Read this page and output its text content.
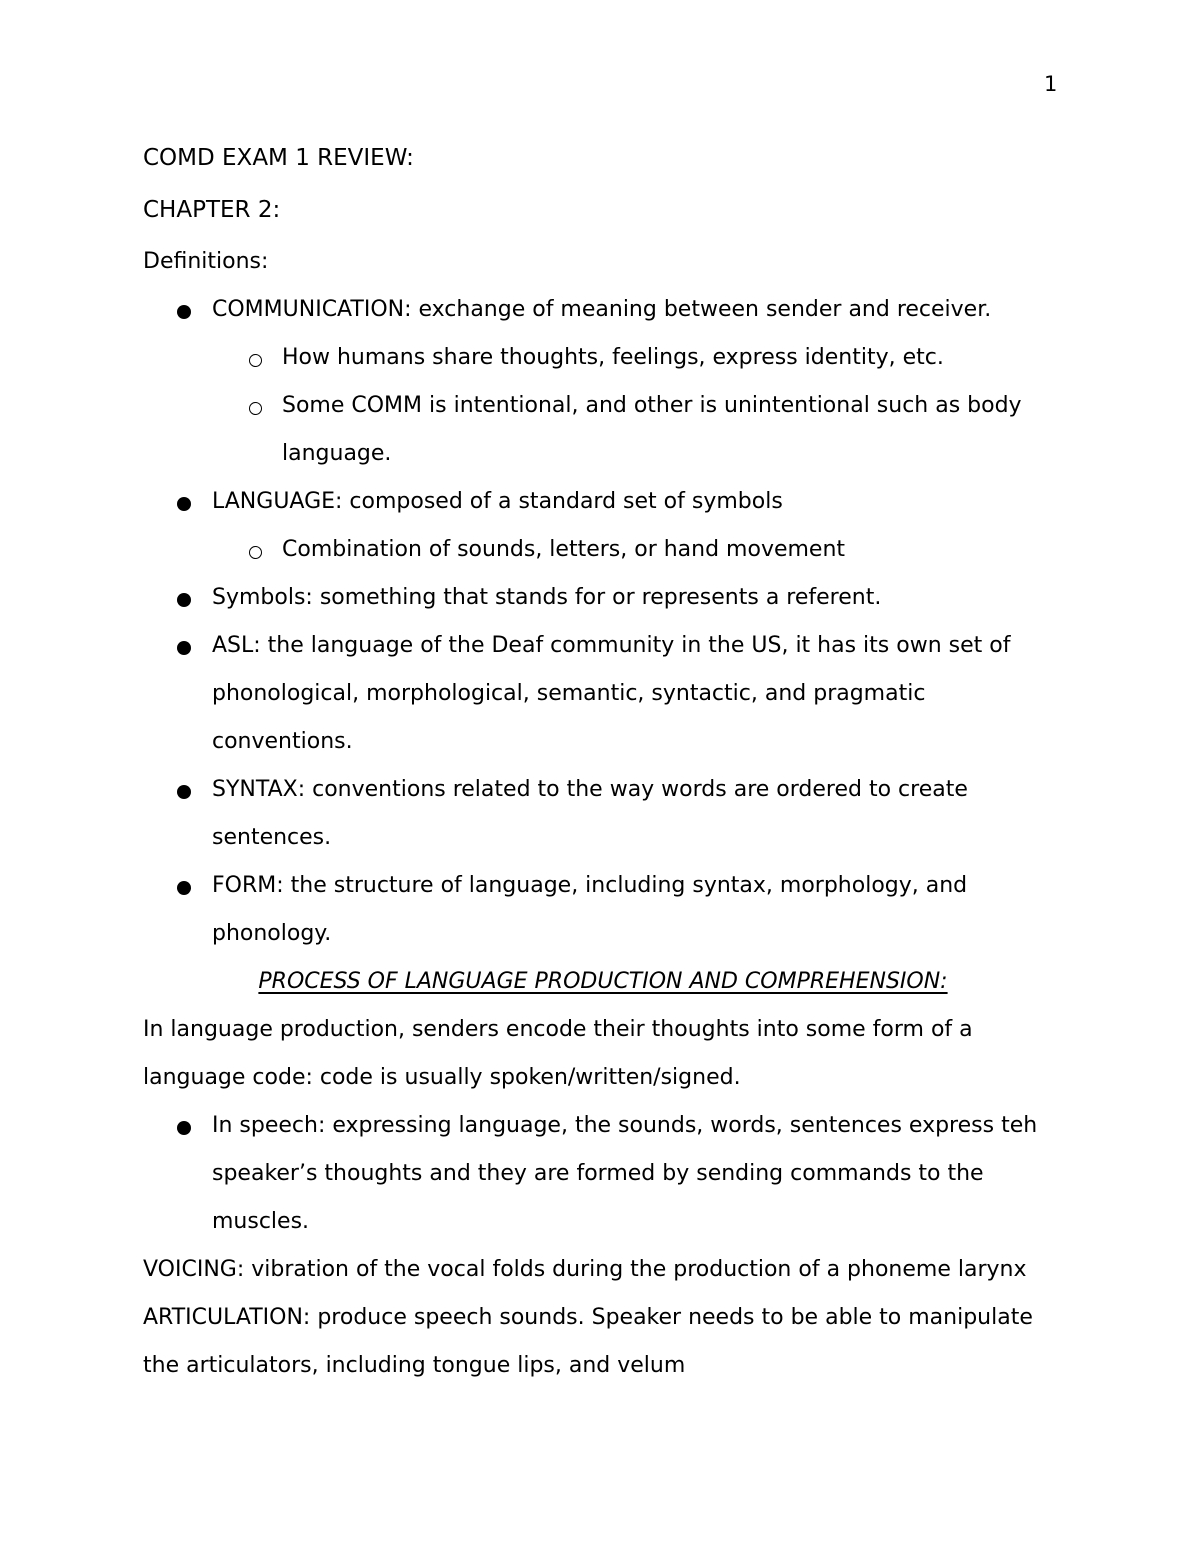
1

COMD EXAM 1 REVIEW:

CHAPTER 2:

Definitions:

COMMUNICATION: exchange of meaning between sender and receiver.
How humans share thoughts, feelings, express identity, etc.
Some COMM is intentional, and other is unintentional such as body language.
LANGUAGE: composed of a standard set of symbols
Combination of sounds, letters, or hand movement
Symbols: something that stands for or represents a referent.
ASL: the language of the Deaf community in the US, it has its own set of phonological, morphological, semantic, syntactic, and pragmatic conventions.
SYNTAX: conventions related to the way words are ordered to create sentences.
FORM: the structure of language, including syntax, morphology, and phonology.

PROCESS OF LANGUAGE PRODUCTION AND COMPREHENSION:

In language production, senders encode their thoughts into some form of a language code: code is usually spoken/written/signed.

In speech: expressing language, the sounds, words, sentences express teh speaker’s thoughts and they are formed by sending commands to the muscles.

VOICING: vibration of the vocal folds during the production of a phoneme larynx

ARTICULATION: produce speech sounds. Speaker needs to be able to manipulate the articulators, including tongue lips, and velum
